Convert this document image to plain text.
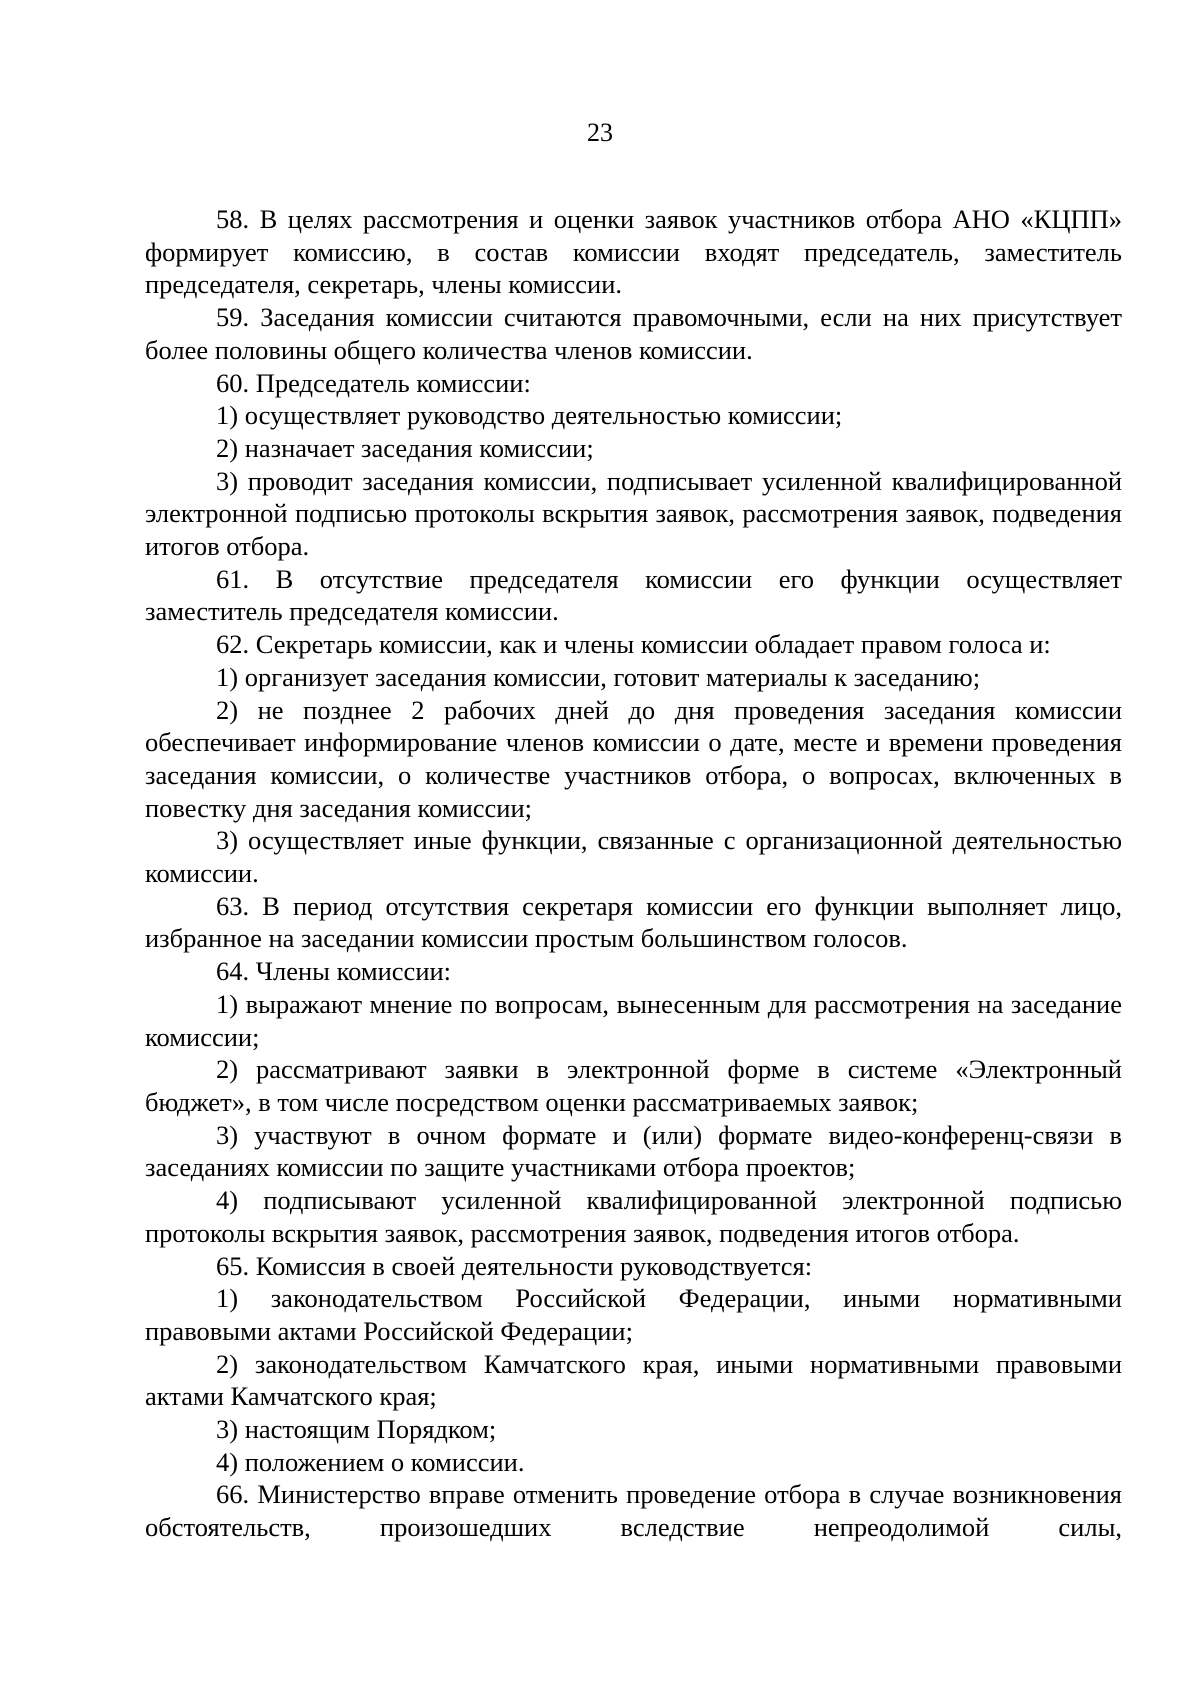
23

58. В целях рассмотрения и оценки заявок участников отбора АНО «КЦПП» формирует комиссию, в состав комиссии входят председатель, заместитель председателя, секретарь, члены комиссии.

59. Заседания комиссии считаются правомочными, если на них присутствует более половины общего количества членов комиссии.

60. Председатель комиссии:

1) осуществляет руководство деятельностью комиссии;

2) назначает заседания комиссии;

3) проводит заседания комиссии, подписывает усиленной квалифицированной электронной подписью протоколы вскрытия заявок, рассмотрения заявок, подведения итогов отбора.

61. В отсутствие председателя комиссии его функции осуществляет заместитель председателя комиссии.

62. Секретарь комиссии, как и члены комиссии обладает правом голоса и:

1) организует заседания комиссии, готовит материалы к заседанию;

2) не позднее 2 рабочих дней до дня проведения заседания комиссии обеспечивает информирование членов комиссии о дате, месте и времени проведения заседания комиссии, о количестве участников отбора, о вопросах, включенных в повестку дня заседания комиссии;

3) осуществляет иные функции, связанные с организационной деятельностью комиссии.

63. В период отсутствия секретаря комиссии его функции выполняет лицо, избранное на заседании комиссии простым большинством голосов.

64. Члены комиссии:

1) выражают мнение по вопросам, вынесенным для рассмотрения на заседание комиссии;

2) рассматривают заявки в электронной форме в системе «Электронный бюджет», в том числе посредством оценки рассматриваемых заявок;

3) участвуют в очном формате и (или) формате видео-конференц-связи в заседаниях комиссии по защите участниками отбора проектов;

4) подписывают усиленной квалифицированной электронной подписью протоколы вскрытия заявок, рассмотрения заявок, подведения итогов отбора.

65. Комиссия в своей деятельности руководствуется:

1) законодательством Российской Федерации, иными нормативными правовыми актами Российской Федерации;

2) законодательством Камчатского края, иными нормативными правовыми актами Камчатского края;

3) настоящим Порядком;

4) положением о комиссии.

66. Министерство вправе отменить проведение отбора в случае возникновения обстоятельств, произошедших вследствие непреодолимой силы,
